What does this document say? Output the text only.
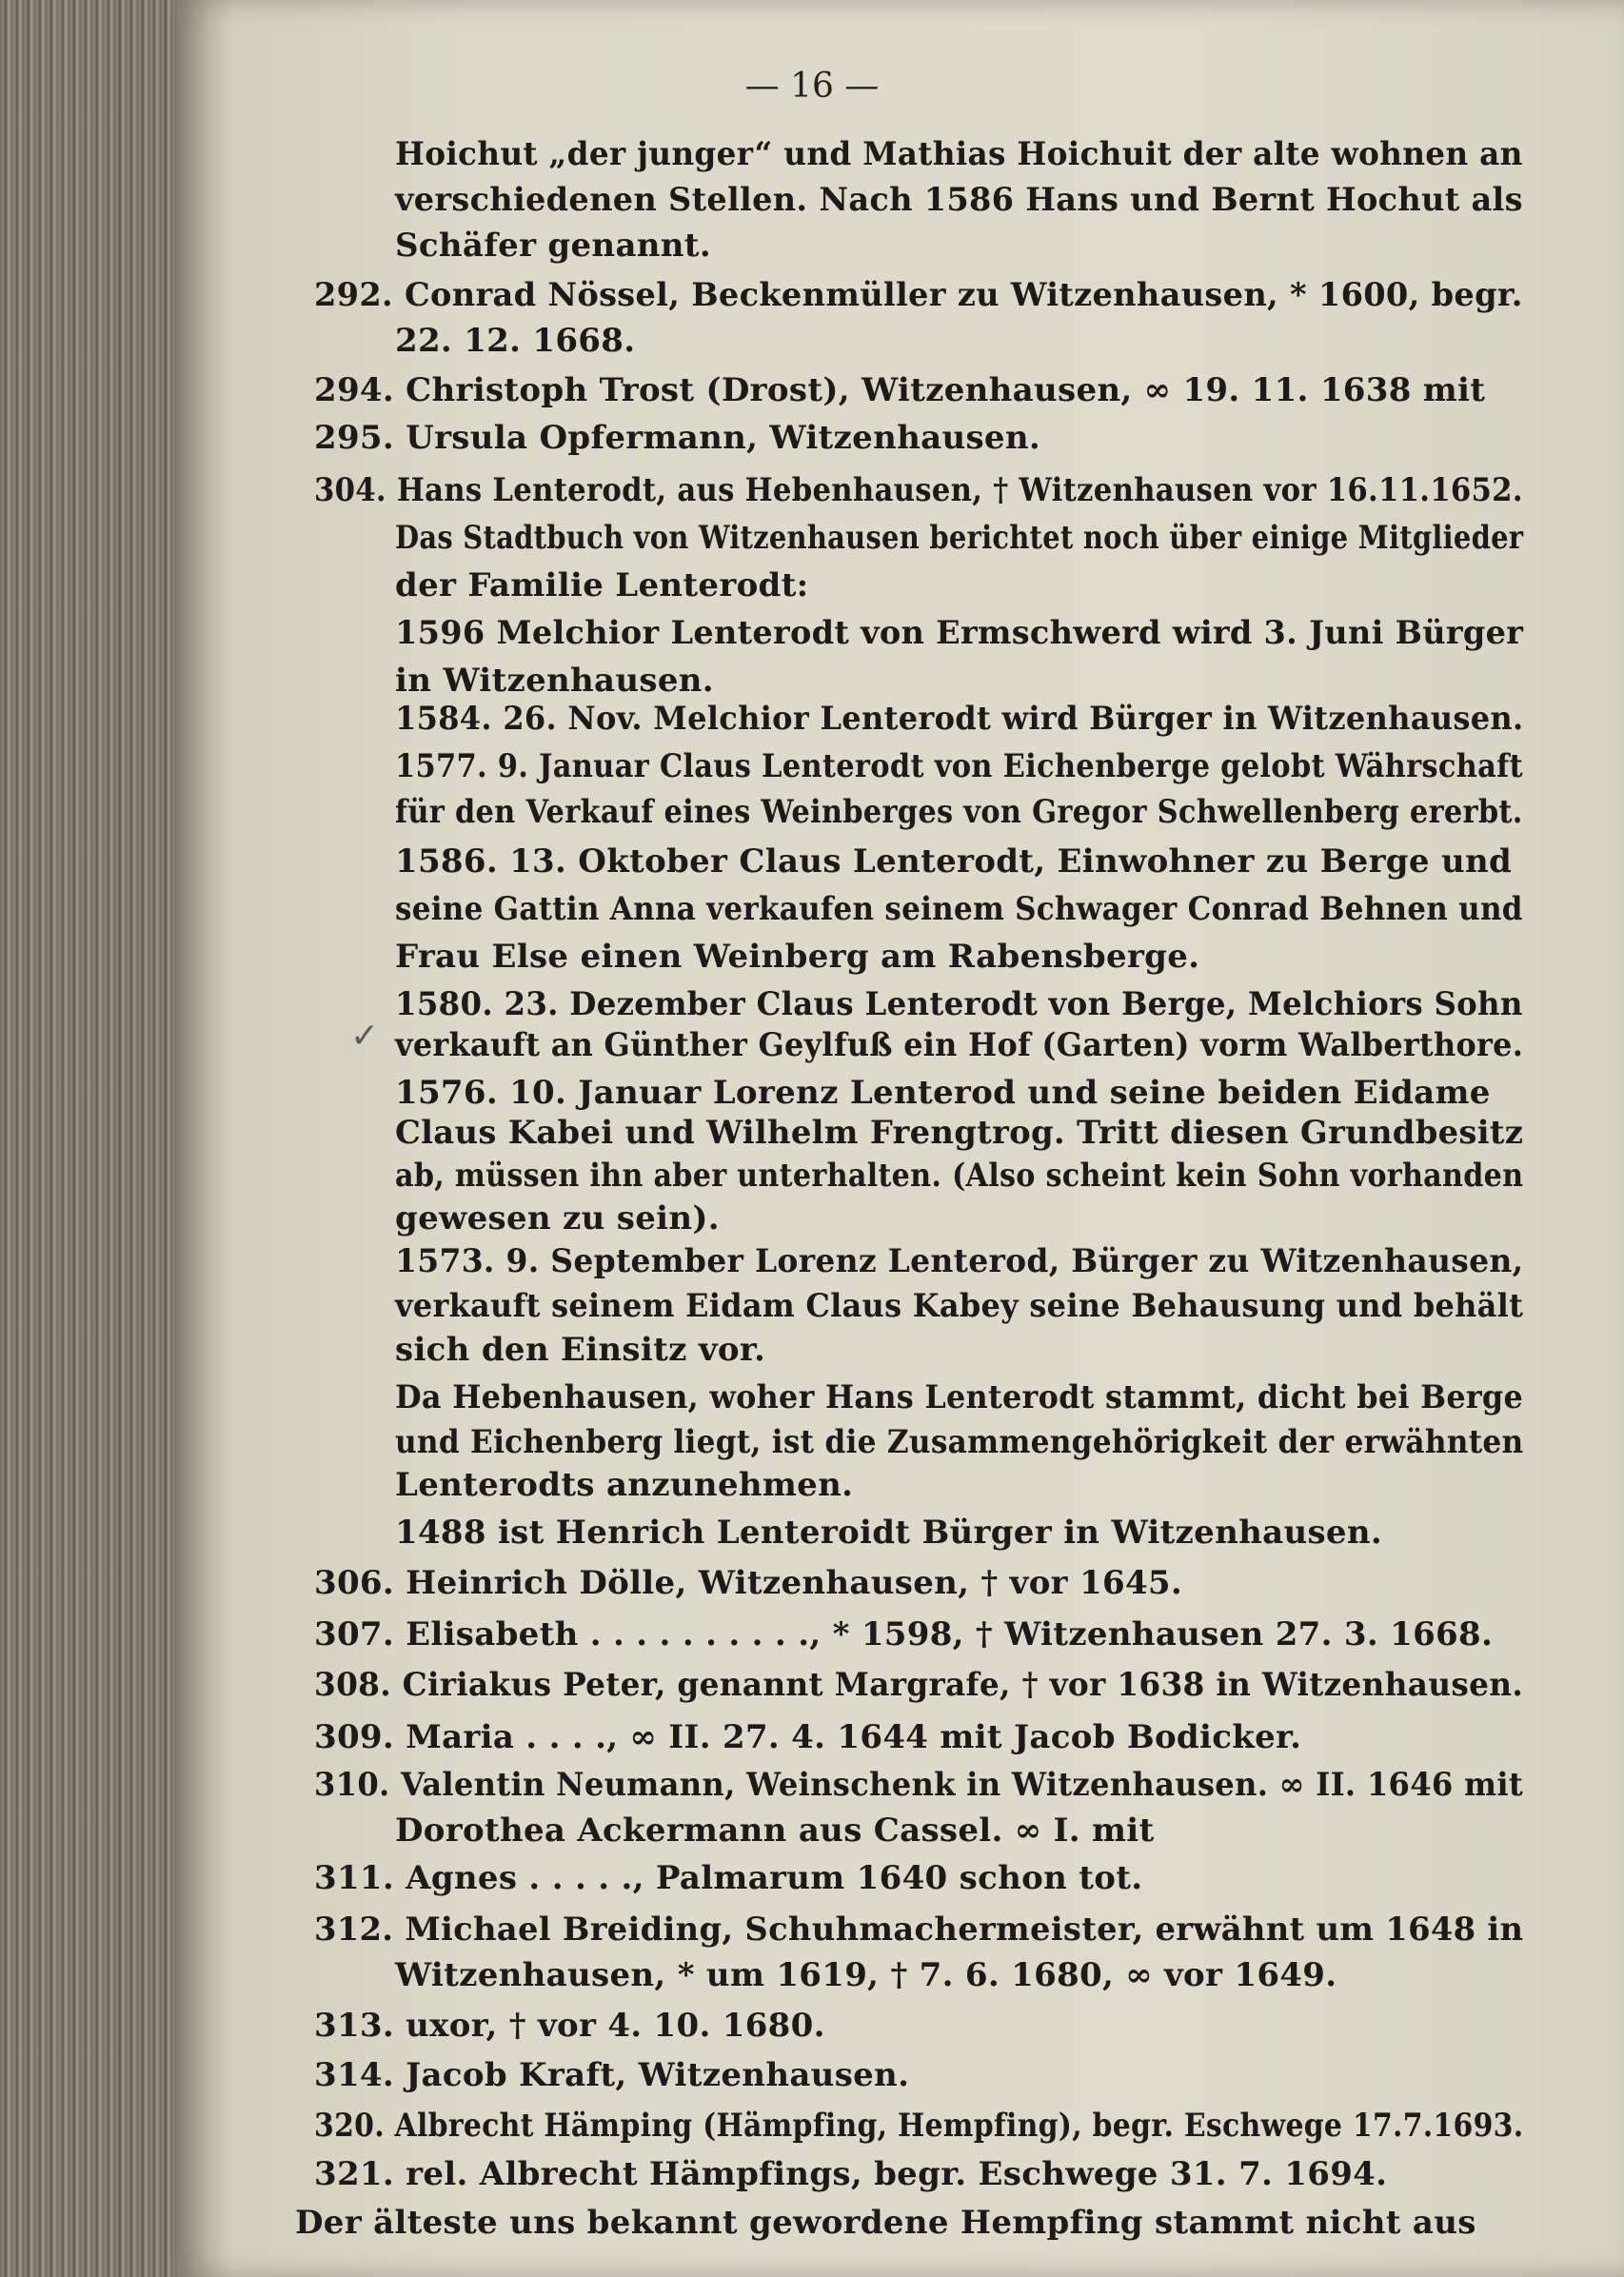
— 16 —
Hoichut „der junger“ und Mathias Hoichuit der alte wohnen an
verschiedenen Stellen. Nach 1586 Hans und Bernt Hochut als
Schäfer genannt.
292. Conrad Nössel, Beckenmüller zu Witzenhausen, * 1600, begr.
22. 12. 1668.
294. Christoph Trost (Drost), Witzenhausen, ∞ 19. 11. 1638 mit
295. Ursula Opfermann, Witzenhausen.
304. Hans Lenterodt, aus Hebenhausen, † Witzenhausen vor 16.11.1652.
Das Stadtbuch von Witzenhausen berichtet noch über einige Mitglieder
der Familie Lenterodt:
1596 Melchior Lenterodt von Ermschwerd wird 3. Juni Bürger
in Witzenhausen.
1584. 26. Nov. Melchior Lenterodt wird Bürger in Witzenhausen.
1577. 9. Januar Claus Lenterodt von Eichenberge gelobt Währschaft
für den Verkauf eines Weinberges von Gregor Schwellenberg ererbt.
1586. 13. Oktober Claus Lenterodt, Einwohner zu Berge und
seine Gattin Anna verkaufen seinem Schwager Conrad Behnen und
Frau Else einen Weinberg am Rabensberge.
1580. 23. Dezember Claus Lenterodt von Berge, Melchiors Sohn
✓ verkauft an Günther Geylfuß ein Hof (Garten) vorm Walberthore.
1576. 10. Januar Lorenz Lenterod und seine beiden Eidame
Claus Kabei und Wilhelm Frengtrog. Tritt diesen Grundbesitz
ab, müssen ihn aber unterhalten. (Also scheint kein Sohn vorhanden
gewesen zu sein).
1573. 9. September Lorenz Lenterod, Bürger zu Witzenhausen,
verkauft seinem Eidam Claus Kabey seine Behausung und behält
sich den Einsitz vor.
Da Hebenhausen, woher Hans Lenterodt stammt, dicht bei Berge
und Eichenberg liegt, ist die Zusammengehörigkeit der erwähnten
Lenterodts anzunehmen.
1488 ist Henrich Lenteroidt Bürger in Witzenhausen.
306. Heinrich Dölle, Witzenhausen, † vor 1645.
307. Elisabeth . . . . . . . . . ., * 1598, † Witzenhausen 27. 3. 1668.
308. Ciriakus Peter, genannt Margrafe, † vor 1638 in Witzenhausen.
309. Maria . . . ., ∞ II. 27. 4. 1644 mit Jacob Bodicker.
310. Valentin Neumann, Weinschenk in Witzenhausen. ∞ II. 1646 mit
Dorothea Ackermann aus Cassel. ∞ I. mit
311. Agnes . . . . ., Palmarum 1640 schon tot.
312. Michael Breiding, Schuhmachermeister, erwähnt um 1648 in
Witzenhausen, * um 1619, † 7. 6. 1680, ∞ vor 1649.
313. uxor, † vor 4. 10. 1680.
314. Jacob Kraft, Witzenhausen.
320. Albrecht Hämping (Hämpfing, Hempfing), begr. Eschwege 17.7.1693.
321. rel. Albrecht Hämpfings, begr. Eschwege 31. 7. 1694.
Der älteste uns bekannt gewordene Hempfing stammt nicht aus
